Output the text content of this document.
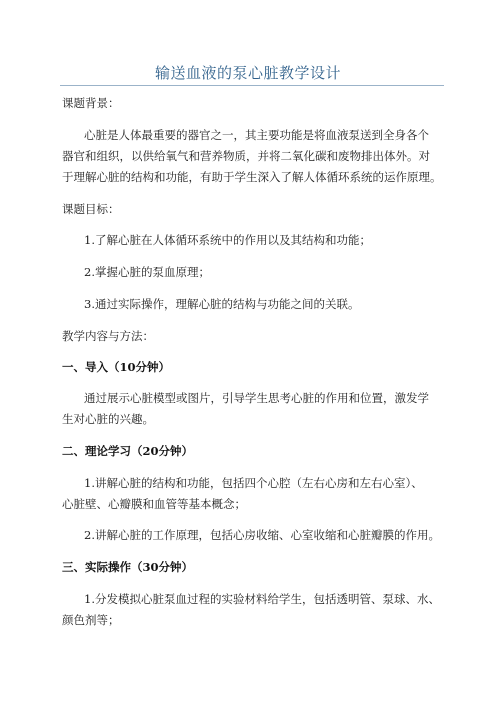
输送血液的泵心脏教学设计
课题背景：
心脏是人体最重要的器官之一，其主要功能是将血液泵送到全身各个
器官和组织，以供给氧气和营养物质，并将二氧化碳和废物排出体外。对
于理解心脏的结构和功能，有助于学生深入了解人体循环系统的运作原理。
课题目标：
1.了解心脏在人体循环系统中的作用以及其结构和功能；
2.掌握心脏的泵血原理；
3.通过实际操作，理解心脏的结构与功能之间的关联。
教学内容与方法：
一、导入（10分钟）
通过展示心脏模型或图片，引导学生思考心脏的作用和位置，激发学
生对心脏的兴趣。
二、理论学习（20分钟）
1.讲解心脏的结构和功能，包括四个心腔（左右心房和左右心室）、
心脏壁、心瓣膜和血管等基本概念；
2.讲解心脏的工作原理，包括心房收缩、心室收缩和心脏瓣膜的作用。
三、实际操作（30分钟）
1.分发模拟心脏泵血过程的实验材料给学生，包括透明管、泵球、水、
颜色剂等；
